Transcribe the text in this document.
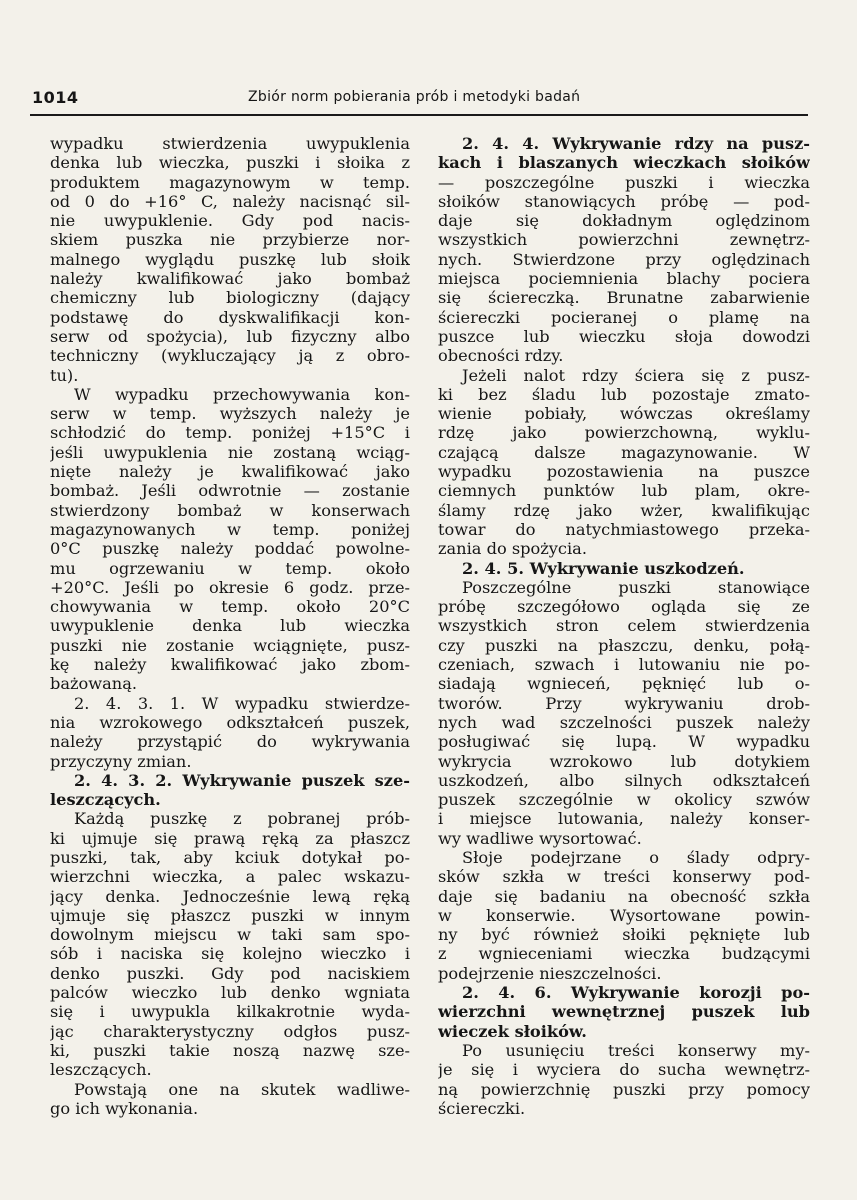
1014	Zbiór norm pobierania prób i metodyki badań
wypadku stwierdzenia uwypuklenia
denka lub wieczka, puszki i słoika z
produktem magazynowym w temp.
od 0 do +16° C, należy nacisnąć sil-
nie uwypuklenie. Gdy pod nacis-
skiem puszka nie przybierze nor-
malnego wyglądu puszkę lub słoik
należy kwalifikować jako bombaż
chemiczny lub biologiczny (dający
podstawę do dyskwalifikacji kon-
serw od spożycia), lub fizyczny albo
techniczny (wykluczający ją z obro-
tu).
W wypadku przechowywania kon-
serw w temp. wyższych należy je
schłodzić do temp. poniżej +15°C i
jeśli uwypuklenia nie zostaną wciąg-
nięte należy je kwalifikować jako
bombaż. Jeśli odwrotnie — zostanie
stwierdzony bombaż w konserwach
magazynowanych w temp. poniżej
0°C puszkę należy poddać powolne-
mu ogrzewaniu w temp. około
+20°C. Jeśli po okresie 6 godz. prze-
chowywania w temp. około 20°C
uwypuklenie denka lub wieczka
puszki nie zostanie wciągnięte, pusz-
kę należy kwalifikować jako zbom-
bażowaną.
2. 4. 3. 1. W wypadku stwierdze-
nia wzrokowego odkształceń puszek,
należy przystąpić do wykrywania
przyczyny zmian.
2. 4. 3. 2. Wykrywanie puszek sze-
leszczących.
Każdą puszkę z pobranej prób-
ki ujmuje się prawą ręką za płaszcz
puszki, tak, aby kciuk dotykał po-
wierzchni wieczka, a palec wskazu-
jący denka. Jednocześnie lewą ręką
ujmuje się płaszcz puszki w innym
dowolnym miejscu w taki sam spo-
sób i naciska się kolejno wieczko i
denko puszki. Gdy pod naciskiem
palców wieczko lub denko wgniata
się i uwypukla kilkakrotnie wyda-
jąc charakterystyczny odgłos pusz-
ki, puszki takie noszą nazwę sze-
leszczących.
Powstają one na skutek wadliwe-
go ich wykonania.
2. 4. 4. Wykrywanie rdzy na pusz-
kach i blaszanych wieczkach słoików
— poszczególne puszki i wieczka
słoików stanowiących próbę — pod-
daje się dokładnym oględzinom
wszystkich powierzchni zewnętrz-
nych. Stwierdzone przy oględzinach
miejsca pociemnienia blachy pociera
się ściereczką. Brunatne zabarwienie
ściereczki pocieranej o plamę na
puszce lub wieczku słoja dowodzi
obecności rdzy.
Jeżeli nalot rdzy ściera się z pusz-
ki bez śladu lub pozostaje zmato-
wienie pobiały, wówczas określamy
rdzę jako powierzchowną, wyklu-
czającą dalsze magazynowanie. W
wypadku pozostawienia na puszce
ciemnych punktów lub plam, okre-
ślamy rdzę jako wżer, kwalifikując
towar do natychmiastowego przeka-
zania do spożycia.
2. 4. 5. Wykrywanie uszkodzeń.
Poszczególne puszki stanowiące
próbę szczegółowo ogląda się ze
wszystkich stron celem stwierdzenia
czy puszki na płaszczu, denku, połą-
czeniach, szwach i lutowaniu nie po-
siadają wgnieceń, pęknięć lub o-
tworów. Przy wykrywaniu drob-
nych wad szczelności puszek należy
posługiwać się lupą. W wypadku
wykrycia wzrokowo lub dotykiem
uszkodzeń, albo silnych odkształceń
puszek szczególnie w okolicy szwów
i miejsce lutowania, należy konser-
wy wadliwe wysortować.
Słoje podejrzane o ślady odpry-
sków szkła w treści konserwy pod-
daje się badaniu na obecność szkła
w konserwie. Wysortowane powin-
ny być również słoiki pęknięte lub
z wgnieceniami wieczka budzącymi
podejrzenie nieszczelności.
2. 4. 6. Wykrywanie korozji po-
wierzchni wewnętrznej puszek lub
wieczek słoików.
Po usunięciu treści konserwy my-
je się i wyciera do sucha wewnętrz-
ną powierzchnię puszki przy pomocy
ściereczki.
